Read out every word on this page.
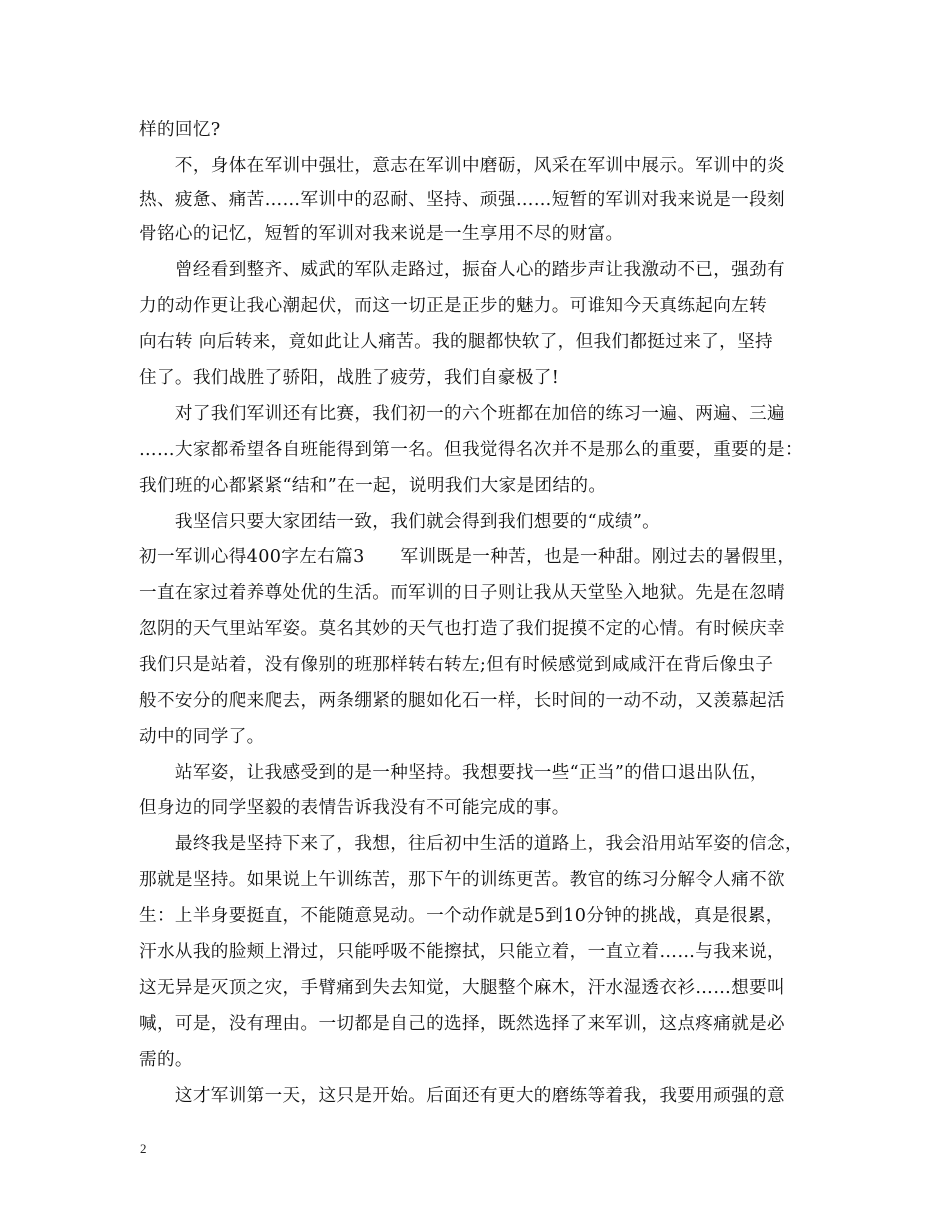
样的回忆?
　　不，身体在军训中强壮，意志在军训中磨砺，风采在军训中展示。军训中的炎
热、疲惫、痛苦……军训中的忍耐、坚持、顽强……短暂的军训对我来说是一段刻
骨铭心的记忆，短暂的军训对我来说是一生享用不尽的财富。
　　曾经看到整齐、威武的军队走路过，振奋人心的踏步声让我激动不已，强劲有
力的动作更让我心潮起伏，而这一切正是正步的魅力。可谁知今天真练起向左转
向右转 向后转来，竟如此让人痛苦。我的腿都快软了，但我们都挺过来了，坚持
住了。我们战胜了骄阳，战胜了疲劳，我们自豪极了!
　　对了我们军训还有比赛，我们初一的六个班都在加倍的练习一遍、两遍、三遍
……大家都希望各自班能得到第一名。但我觉得名次并不是那么的重要，重要的是：
我们班的心都紧紧“结和”在一起，说明我们大家是团结的。
　　我坚信只要大家团结一致，我们就会得到我们想要的“成绩”。
初一军训心得400字左右篇3　　军训既是一种苦，也是一种甜。刚过去的暑假里，
一直在家过着养尊处优的生活。而军训的日子则让我从天堂坠入地狱。先是在忽晴
忽阴的天气里站军姿。莫名其妙的天气也打造了我们捉摸不定的心情。有时候庆幸
我们只是站着，没有像别的班那样转右转左;但有时候感觉到咸咸汗在背后像虫子
般不安分的爬来爬去，两条绷紧的腿如化石一样，长时间的一动不动，又羡慕起活
动中的同学了。
　　站军姿，让我感受到的是一种坚持。我想要找一些“正当”的借口退出队伍，
但身边的同学坚毅的表情告诉我没有不可能完成的事。
　　最终我是坚持下来了，我想，往后初中生活的道路上，我会沿用站军姿的信念，
那就是坚持。如果说上午训练苦，那下午的训练更苦。教官的练习分解令人痛不欲
生：上半身要挺直，不能随意晃动。一个动作就是5到10分钟的挑战，真是很累，
汗水从我的脸颊上滑过，只能呼吸不能擦拭，只能立着，一直立着……与我来说，
这无异是灭顶之灾，手臂痛到失去知觉，大腿整个麻木，汗水湿透衣衫……想要叫
喊，可是，没有理由。一切都是自己的选择，既然选择了来军训，这点疼痛就是必
需的。
　　这才军训第一天，这只是开始。后面还有更大的磨练等着我，我要用顽强的意
2
